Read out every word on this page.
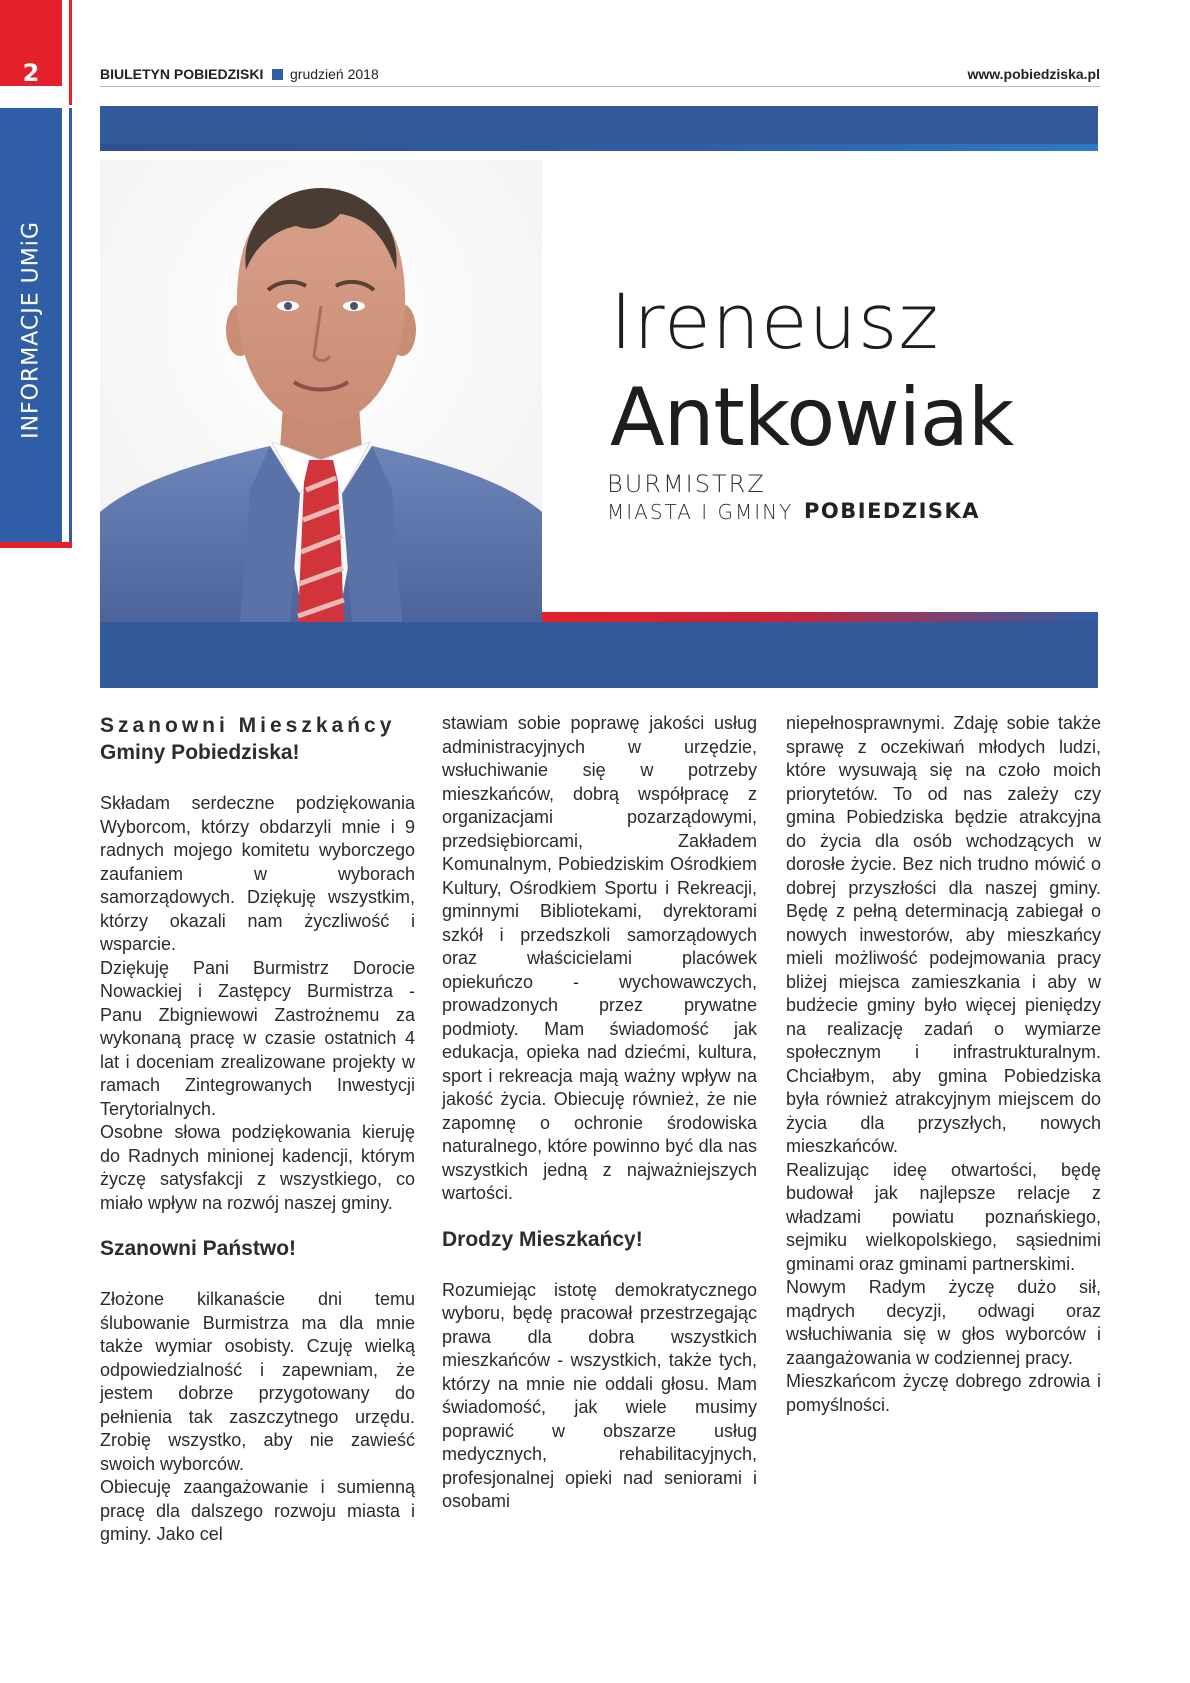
2
INFORMACJE UMiG
BIULETYN POBIEDZISKI grudzień 2018	www.pobiedziska.pl
Ireneusz
Antkowiak
BURMISTRZ
MIASTA I GMINY POBIEDZISKA
Szanowni Mieszkańcy
Gminy Pobiedziska!

Składam serdeczne podziękowania Wyborcom, którzy obdarzyli mnie i 9 radnych mojego komitetu wyborczego zaufaniem w wyborach samorządowych. Dziękuję wszystkim, którzy okazali nam życzliwość i wsparcie.

Dziękuję Pani Burmistrz Dorocie Nowackiej i Zastępcy Burmistrza - Panu Zbigniewowi Zastrożnemu za wykonaną pracę w czasie ostatnich 4 lat i doceniam zrealizowane projekty w ramach Zintegrowanych Inwestycji Terytorialnych.

Osobne słowa podziękowania kieruję do Radnych minionej kadencji, którym życzę satysfakcji z wszystkiego, co miało wpływ na rozwój naszej gminy.

Szanowni Państwo!

Złożone kilkanaście dni temu ślubowanie Burmistrza ma dla mnie także wymiar osobisty. Czuję wielką odpowiedzialność i zapewniam, że jestem dobrze przygotowany do pełnienia tak zaszczytnego urzędu. Zrobię wszystko, aby nie zawieść swoich wyborców.

Obiecuję zaangażowanie i sumienną pracę dla dalszego rozwoju miasta i gminy. Jako cel

stawiam sobie poprawę jakości usług administracyjnych w urzędzie, wsłuchiwanie się w potrzeby mieszkańców, dobrą współpracę z organizacjami pozarządowymi, przedsiębiorcami, Zakładem Komunalnym, Pobiedziskim Ośrodkiem Kultury, Ośrodkiem Sportu i Rekreacji, gminnymi Bibliotekami, dyrektorami szkół i przedszkoli samorządowych oraz właścicielami placówek opiekuńczo - wychowawczych, prowadzonych przez prywatne podmioty. Mam świadomość jak edukacja, opieka nad dziećmi, kultura, sport i rekreacja mają ważny wpływ na jakość życia. Obiecuję również, że nie zapomnę o ochronie środowiska naturalnego, które powinno być dla nas wszystkich jedną z najważniejszych wartości.

Drodzy Mieszkańcy!

Rozumiejąc istotę demokratycznego wyboru, będę pracował przestrzegając prawa dla dobra wszystkich mieszkańców - wszystkich, także tych, którzy na mnie nie oddali głosu. Mam świadomość, jak wiele musimy poprawić w obszarze usług medycznych, rehabilitacyjnych, profesjonalnej opieki nad seniorami i osobami

niepełnosprawnymi. Zdaję sobie także sprawę z oczekiwań młodych ludzi, które wysuwają się na czoło moich priorytetów. To od nas zależy czy gmina Pobiedziska będzie atrakcyjna do życia dla osób wchodzących w dorosłe życie. Bez nich trudno mówić o dobrej przyszłości dla naszej gminy. Będę z pełną determinacją zabiegał o nowych inwestorów, aby mieszkańcy mieli możliwość podejmowania pracy bliżej miejsca zamieszkania i aby w budżecie gminy było więcej pieniędzy na realizację zadań o wymiarze społecznym i infrastrukturalnym. Chciałbym, aby gmina Pobiedziska była również atrakcyjnym miejscem do życia dla przyszłych, nowych mieszkańców.

Realizując ideę otwartości, będę budował jak najlepsze relacje z władzami powiatu poznańskiego, sejmiku wielkopolskiego, sąsiednimi gminami oraz gminami partnerskimi.

Nowym Radym życzę dużo sił, mądrych decyzji, odwagi oraz wsłuchiwania się w głos wyborców i zaangażowania w codziennej pracy.

Mieszkańcom życzę dobrego zdrowia i pomyślności.
